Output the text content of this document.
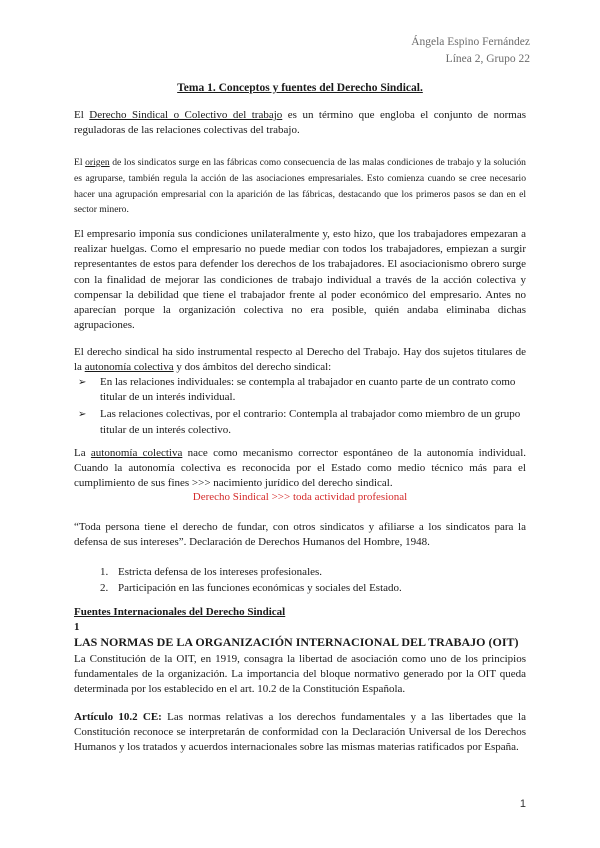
Ángela Espino Fernández
Línea 2, Grupo 22
Tema 1. Conceptos y fuentes del Derecho Sindical.
El Derecho Sindical o Colectivo del trabajo es un término que engloba el conjunto de normas reguladoras de las relaciones colectivas del trabajo.
El origen de los sindicatos surge en las fábricas como consecuencia de las malas condiciones de trabajo y la solución es agruparse, también regula la acción de las asociaciones empresariales. Esto comienza cuando se cree necesario hacer una agrupación empresarial con la aparición de las fábricas, destacando que los primeros pasos se dan en el sector minero.
El empresario imponía sus condiciones unilateralmente y, esto hizo, que los trabajadores empezaran a realizar huelgas. Como el empresario no puede mediar con todos los trabajadores, empiezan a surgir representantes de estos para defender los derechos de los trabajadores. El asociacionismo obrero surge con la finalidad de mejorar las condiciones de trabajo individual a través de la acción colectiva y compensar la debilidad que tiene el trabajador frente al poder económico del empresario. Antes no aparecían porque la organización colectiva no era posible, quién andaba eliminaba dichas agrupaciones.
El derecho sindical ha sido instrumental respecto al Derecho del Trabajo. Hay dos sujetos titulares de la autonomía colectiva y dos ámbitos del derecho sindical:
➢ En las relaciones individuales: se contempla al trabajador en cuanto parte de un contrato como titular de un interés individual.
➢ Las relaciones colectivas, por el contrario: Contempla al trabajador como miembro de un grupo titular de un interés colectivo.
La autonomía colectiva nace como mecanismo corrector espontáneo de la autonomía individual. Cuando la autonomía colectiva es reconocida por el Estado como medio técnico más para el cumplimiento de sus fines >>> nacimiento jurídico del derecho sindical.
Derecho Sindical >>> toda actividad profesional
“Toda persona tiene el derecho de fundar, con otros sindicatos y afiliarse a los sindicatos para la defensa de sus intereses”. Declaración de Derechos Humanos del Hombre, 1948.
1. Estricta defensa de los intereses profesionales.
2. Participación en las funciones económicas y sociales del Estado.
Fuentes Internacionales del Derecho Sindical
1
LAS NORMAS DE LA ORGANIZACIÓN INTERNACIONAL DEL TRABAJO (OIT)
La Constitución de la OIT, en 1919, consagra la libertad de asociación como uno de los principios fundamentales de la organización. La importancia del bloque normativo generado por la OIT queda determinada por los establecido en el art. 10.2 de la Constitución Española.
Artículo 10.2 CE: Las normas relativas a los derechos fundamentales y a las libertades que la Constitución reconoce se interpretarán de conformidad con la Declaración Universal de los Derechos Humanos y los tratados y acuerdos internacionales sobre las mismas materias ratificados por España.
1
